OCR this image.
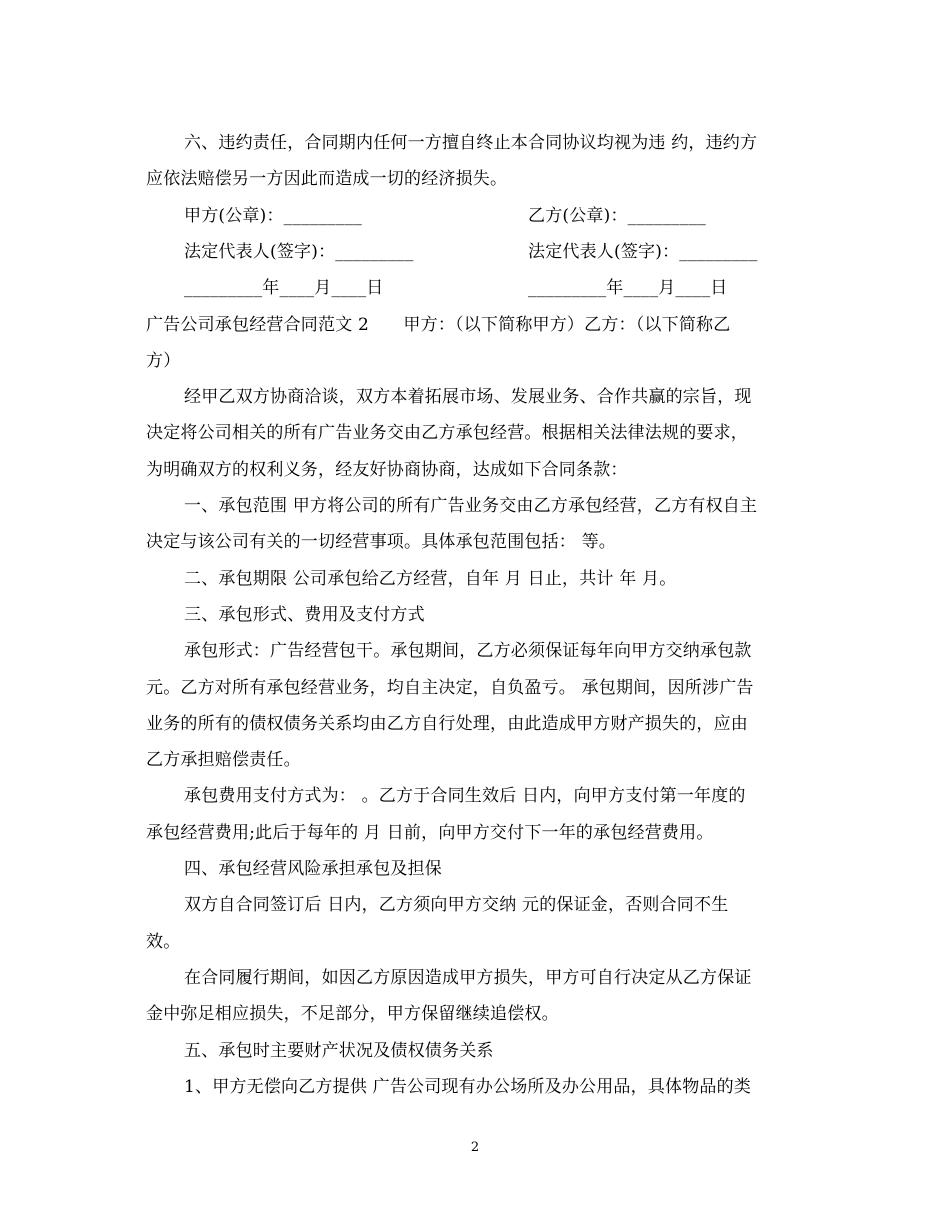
六、违约责任，合同期内任何一方擅自终止本合同协议均视为违 约，违约方
应依法赔偿另一方因此而造成一切的经济损失。
甲方(公章)：_________	乙方(公章)：_________
法定代表人(签字)：_________	法定代表人(签字)：_________
_________年____月____日	_________年____月____日
广告公司承包经营合同范文 2　　甲方：（以下简称甲方）乙方：（以下简称乙
方）
经甲乙双方协商洽谈，双方本着拓展市场、发展业务、合作共赢的宗旨，现
决定将公司相关的所有广告业务交由乙方承包经营。根据相关法律法规的要求，
为明确双方的权利义务，经友好协商协商，达成如下合同条款：
一、承包范围 甲方将公司的所有广告业务交由乙方承包经营，乙方有权自主
决定与该公司有关的一切经营事项。具体承包范围包括： 等。
二、承包期限 公司承包给乙方经营，自年 月 日止，共计 年 月。
三、承包形式、费用及支付方式
承包形式：广告经营包干。承包期间，乙方必须保证每年向甲方交纳承包款
元。乙方对所有承包经营业务，均自主决定，自负盈亏。 承包期间，因所涉广告
业务的所有的债权债务关系均由乙方自行处理，由此造成甲方财产损失的，应由
乙方承担赔偿责任。
承包费用支付方式为： 。乙方于合同生效后 日内，向甲方支付第一年度的
承包经营费用;此后于每年的 月 日前，向甲方交付下一年的承包经营费用。
四、承包经营风险承担承包及担保
双方自合同签订后 日内，乙方须向甲方交纳 元的保证金，否则合同不生
效。
在合同履行期间，如因乙方原因造成甲方损失，甲方可自行决定从乙方保证
金中弥足相应损失，不足部分，甲方保留继续追偿权。
五、承包时主要财产状况及债权债务关系
1、甲方无偿向乙方提供 广告公司现有办公场所及办公用品，具体物品的类
2
